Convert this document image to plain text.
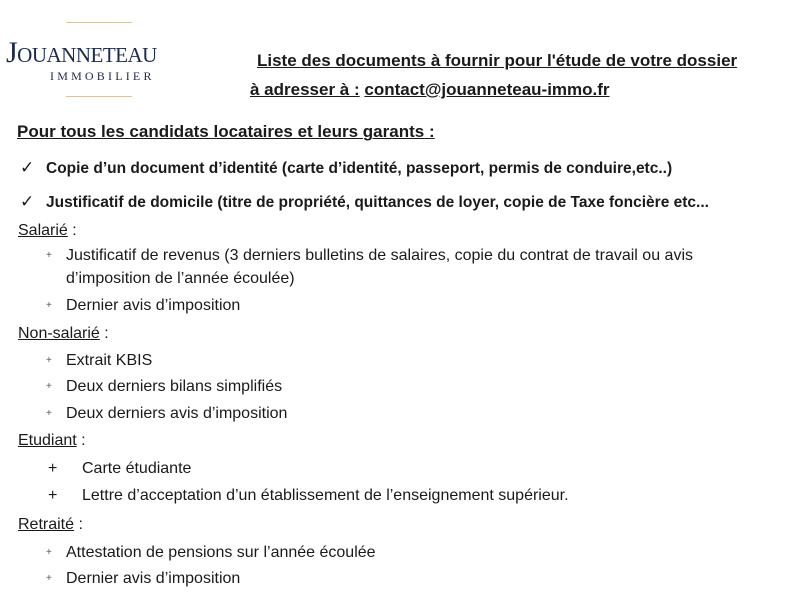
Jouanneteau
IMMOBILIER
Liste des documents à fournir pour l'étude de votre dossier
à adresser à : contact@jouanneteau-immo.fr
Pour tous les candidats locataires et leurs garants :
✓ Copie d’un document d’identité (carte d’identité, passeport, permis de conduire,etc..)
✓ Justificatif de domicile (titre de propriété, quittances de loyer, copie de Taxe foncière etc...
Salarié :
+ Justificatif de revenus (3 derniers bulletins de salaires, copie du contrat de travail ou avis
d’imposition de l’année écoulée)
+ Dernier avis d’imposition
Non-salarié :
+ Extrait KBIS
+ Deux derniers bilans simplifiés
+ Deux derniers avis d’imposition
Etudiant :
+ Carte étudiante
+ Lettre d’acceptation d’un établissement de l’enseignement supérieur.
Retraité :
+ Attestation de pensions sur l’année écoulée
+ Dernier avis d’imposition
